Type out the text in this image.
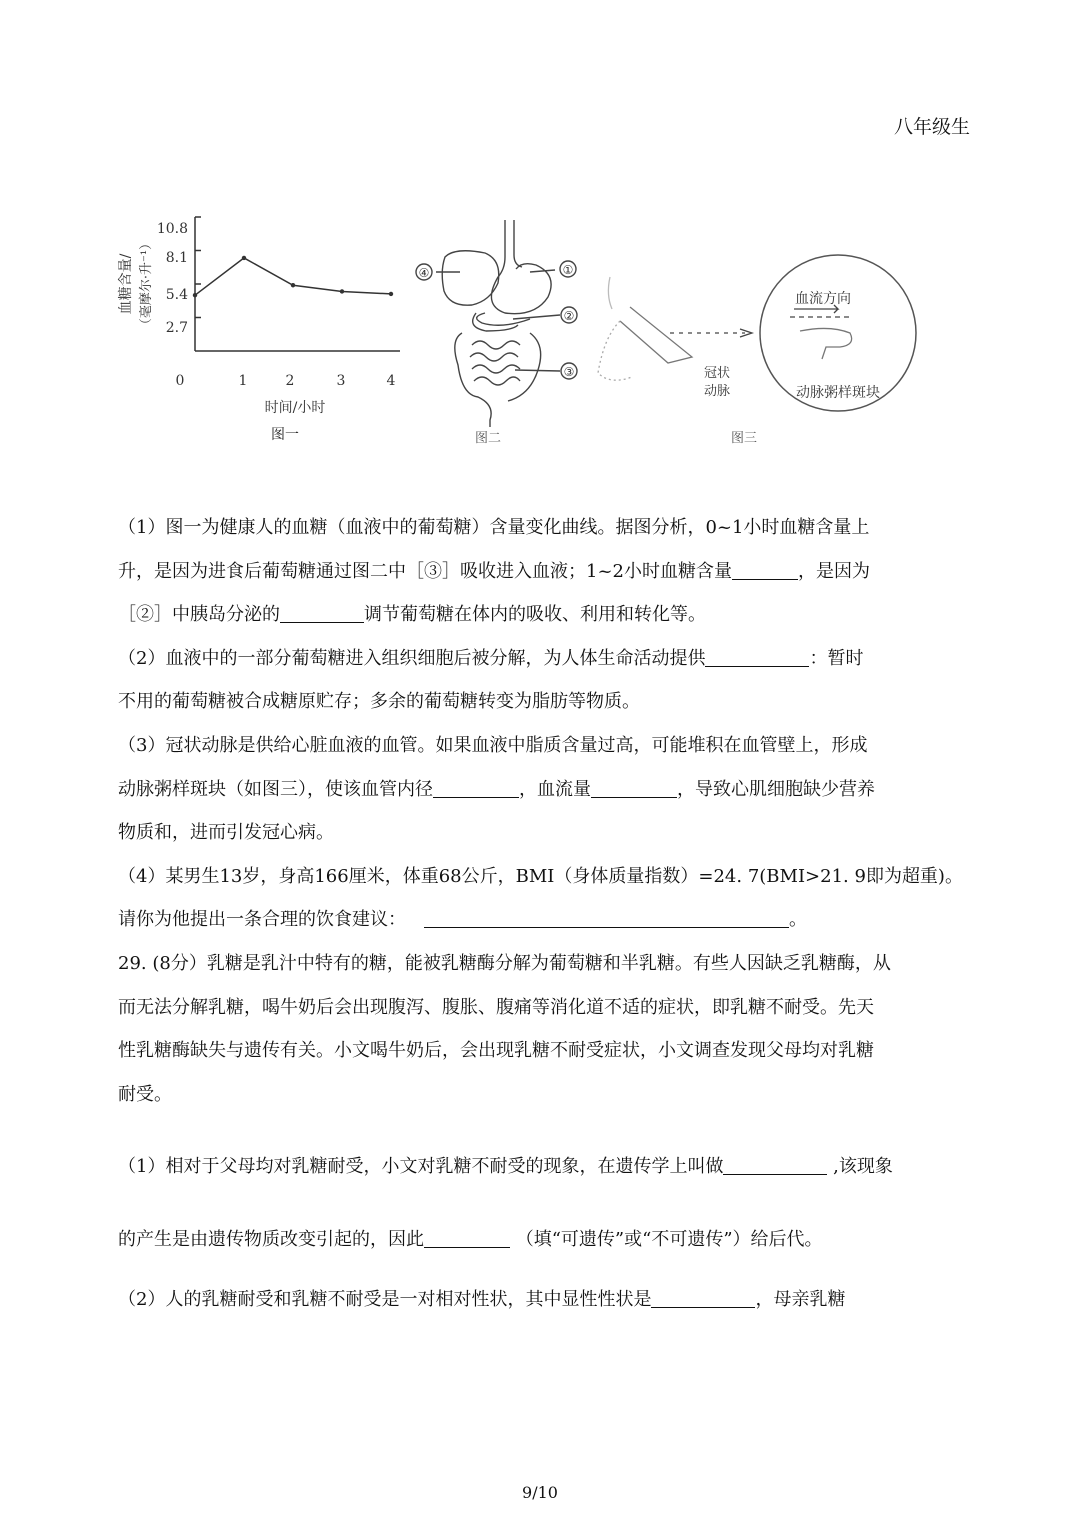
八年级生
10.8
8.1
5.4
2.7
0	1	2	3	4
血糖含量/ （毫摩尔·升⁻¹）
时间/小时
图一
①
②
③
④
图二
血流方向
冠状
动脉	动脉粥样斑块
图三

（1）图一为健康人的血糖（血液中的葡萄糖）含量变化曲线。据图分析，0~1小时血糖含量上

升，是因为进食后葡萄糖通过图二中［③］吸收进入血液；1~2小时血糖含量	，是因为

［②］中胰岛分泌的	调节葡萄糖在体内的吸收、利用和转化等。

（2）血液中的一部分葡萄糖进入组织细胞后被分解，为人体生命活动提供	：暂时

不用的葡萄糖被合成糖原贮存；多余的葡萄糖转变为脂肪等物质。

（3）冠状动脉是供给心脏血液的血管。如果血液中脂质含量过高，可能堆积在血管壁上，形成

动脉粥样斑块（如图三），使该血管内径	，血流量	，导致心肌细胞缺少营养

物质和，进而引发冠心病。

（4）某男生13岁，身高166厘米，体重68公斤，BMI（身体质量指数）=24. 7(BMI>21. 9即为超重)。

请你为他提出一条合理的饮食建议：	。

29. (8分）乳糖是乳汁中特有的糖，能被乳糖酶分解为葡萄糖和半乳糖。有些人因缺乏乳糖酶，从

而无法分解乳糖，喝牛奶后会出现腹泻、腹胀、腹痛等消化道不适的症状，即乳糖不耐受。先天

性乳糖酶缺失与遗传有关。小文喝牛奶后，会出现乳糖不耐受症状，小文调查发现父母均对乳糖

耐受。

（1）相对于父母均对乳糖耐受，小文对乳糖不耐受的现象，在遗传学上叫做	,该现象

的产生是由遗传物质改变引起的，因此	（填“可遗传”或“不可遗传”）给后代。

（2）人的乳糖耐受和乳糖不耐受是一对相对性状，其中显性性状是	，母亲乳糖

9/10
